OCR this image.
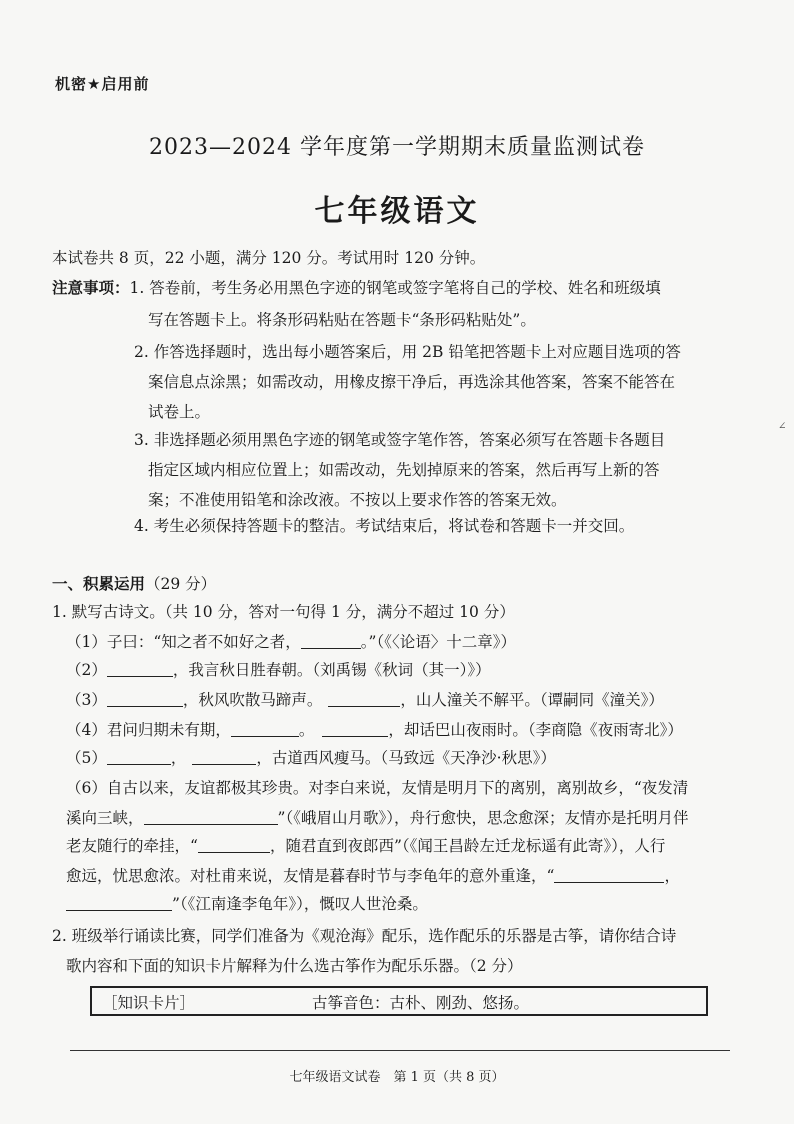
机密★启用前
2023—2024 学年度第一学期期末质量监测试卷
七年级语文
本试卷共 8 页，22 小题，满分 120 分。考试用时 120 分钟。
注意事项：1. 答卷前，考生务必用黑色字迹的钢笔或签字笔将自己的学校、姓名和班级填
写在答题卡上。将条形码粘贴在答题卡“条形码粘贴处”。
2. 作答选择题时，选出每小题答案后，用 2B 铅笔把答题卡上对应题目选项的答
案信息点涂黑；如需改动，用橡皮擦干净后，再选涂其他答案，答案不能答在
试卷上。
3. 非选择题必须用黑色字迹的钢笔或签字笔作答，答案必须写在答题卡各题目
指定区域内相应位置上；如需改动，先划掉原来的答案，然后再写上新的答
案；不准使用铅笔和涂改液。不按以上要求作答的答案无效。
4. 考生必须保持答题卡的整洁。考试结束后，将试卷和答题卡一并交回。
一、积累运用（29 分）
1. 默写古诗文。（共 10 分，答对一句得 1 分，满分不超过 10 分）
（1）子曰：“知之者不如好之者，	。”（《〈论语〉十二章》）
（2）	，我言秋日胜春朝。（刘禹锡《秋词（其一）》）
（3）	，秋风吹散马蹄声。	，山人潼关不解平。（谭嗣同《潼关》）
（4）君问归期未有期，	。	，却话巴山夜雨时。（李商隐《夜雨寄北》）
（5）	，	，古道西风瘦马。（马致远《天净沙·秋思》）
（6）自古以来，友谊都极其珍贵。对李白来说，友情是明月下的离别，离别故乡，“夜发清
溪向三峡，	”（《峨眉山月歌》），舟行愈快，思念愈深；友情亦是托明月伴
老友随行的牵挂，“	，随君直到夜郎西”（《闻王昌龄左迁龙标遥有此寄》），人行
愈远，忧思愈浓。对杜甫来说，友情是暮春时节与李龟年的意外重逢，“	，
”（《江南逢李龟年》），慨叹人世沧桑。
2. 班级举行诵读比赛，同学们准备为《观沧海》配乐，选作配乐的乐器是古筝，请你结合诗
歌内容和下面的知识卡片解释为什么选古筝作为配乐乐器。（2 分）
［知识卡片］	古筝音色：古朴、刚劲、悠扬。
七年级语文试卷　第 1 页（共 8 页）
∠
